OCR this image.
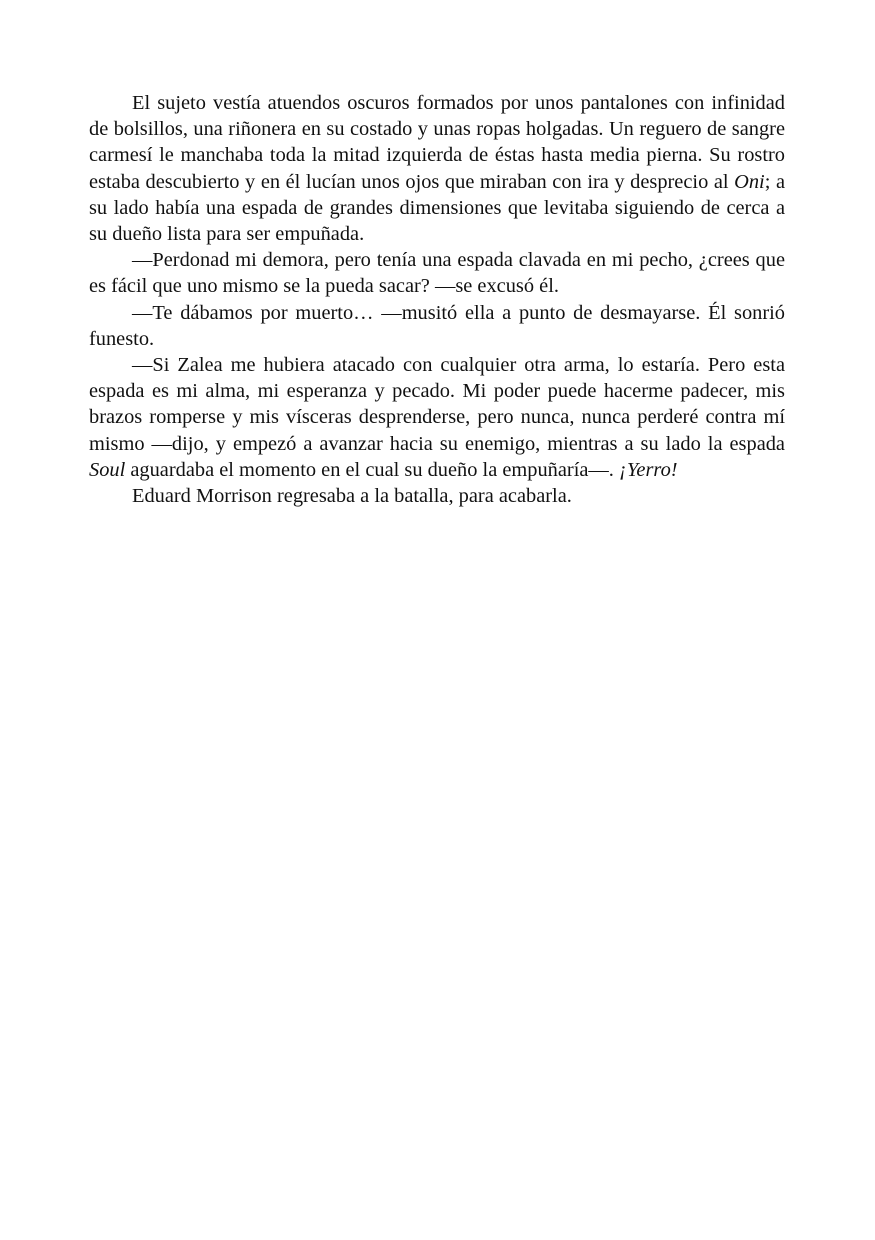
El sujeto vestía atuendos oscuros formados por unos pantalones con infinidad de bolsillos, una riñonera en su costado y unas ropas holgadas. Un reguero de sangre carmesí le manchaba toda la mitad izquierda de éstas hasta media pierna. Su rostro estaba descubierto y en él lucían unos ojos que miraban con ira y desprecio al Oni; a su lado había una espada de grandes dimensiones que levitaba siguiendo de cerca a su dueño lista para ser empuñada.

—Perdonad mi demora, pero tenía una espada clavada en mi pecho, ¿crees que es fácil que uno mismo se la pueda sacar? —se excusó él.

—Te dábamos por muerto… —musitó ella a punto de desmayarse. Él sonrió funesto.

—Si Zalea me hubiera atacado con cualquier otra arma, lo estaría. Pero esta espada es mi alma, mi esperanza y pecado. Mi poder puede hacerme padecer, mis brazos romperse y mis vísceras desprenderse, pero nunca, nunca perderé contra mí mismo —dijo, y empezó a avanzar hacia su enemigo, mientras a su lado la espada Soul aguardaba el momento en el cual su dueño la empuñaría—. ¡Yerro!

Eduard Morrison regresaba a la batalla, para acabarla.
